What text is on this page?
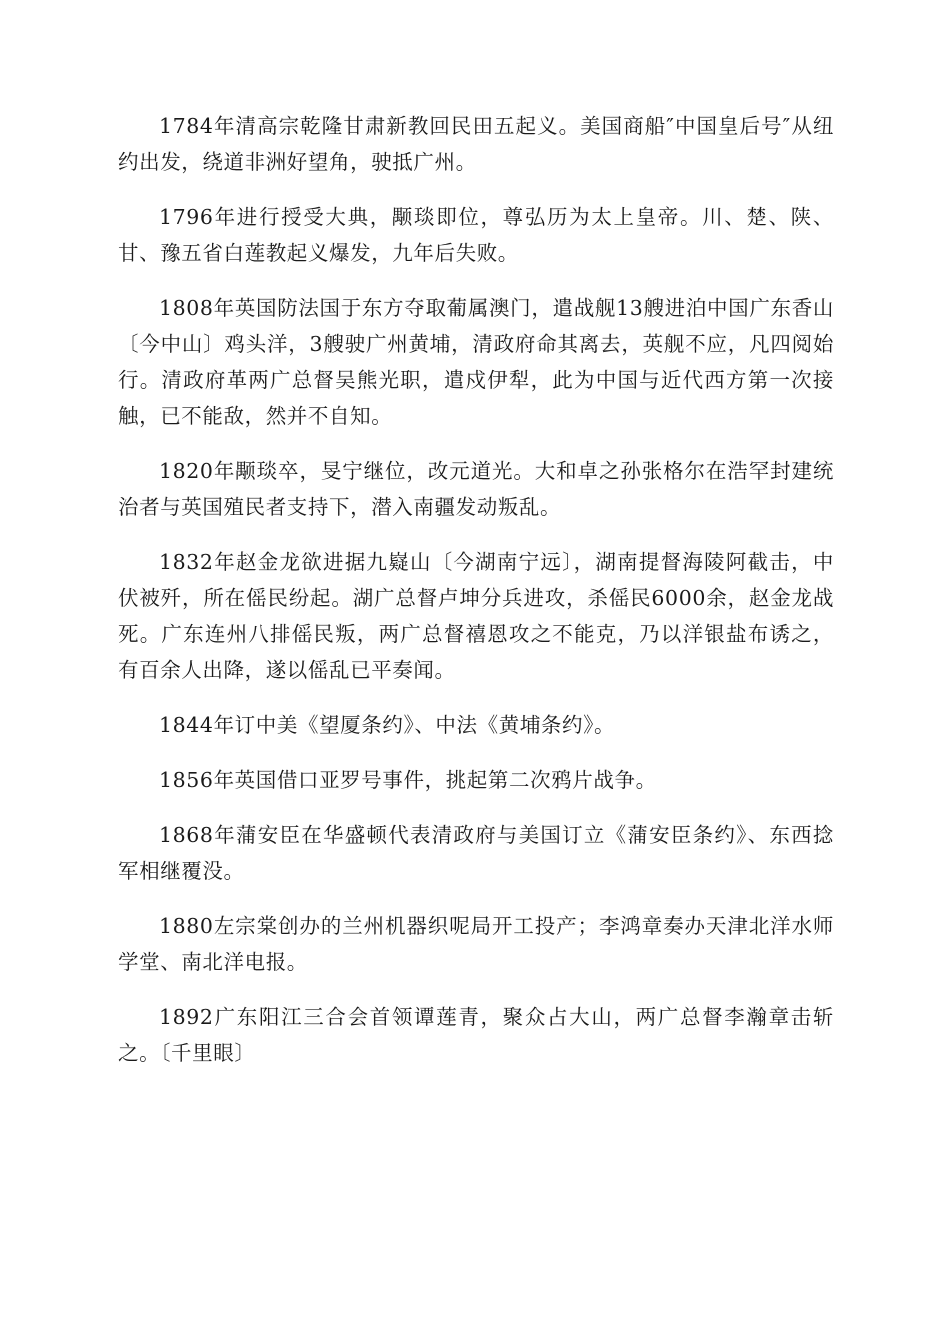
1784年清高宗乾隆甘肃新教回民田五起义。美国商船″中国皇后号″从纽约出发，绕道非洲好望角，驶抵广州。

1796年进行授受大典，颙琰即位，尊弘历为太上皇帝。川、楚、陕、甘、豫五省白莲教起义爆发，九年后失败。

1808年英国防法国于东方夺取葡属澳门，遣战舰13艘进泊中国广东香山〔今中山〕鸡头洋，3艘驶广州黄埔，清政府命其离去，英舰不应，凡四阅始行。清政府革两广总督吴熊光职，遣戍伊犁，此为中国与近代西方第一次接触，已不能敌，然并不自知。

1820年颙琰卒，旻宁继位，改元道光。大和卓之孙张格尔在浩罕封建统治者与英国殖民者支持下，潜入南疆发动叛乱。

1832年赵金龙欲进据九嶷山〔今湖南宁远〕，湖南提督海陵阿截击，中伏被歼，所在傜民纷起。湖广总督卢坤分兵进攻，杀傜民6000余，赵金龙战死。广东连州八排傜民叛，两广总督禧恩攻之不能克，乃以洋银盐布诱之，有百余人出降，遂以傜乱已平奏闻。

1844年订中美《望厦条约》、中法《黄埔条约》。

1856年英国借口亚罗号事件，挑起第二次鸦片战争。

1868年蒲安臣在华盛顿代表清政府与美国订立《蒲安臣条约》、东西捻军相继覆没。

1880左宗棠创办的兰州机器织呢局开工投产；李鸿章奏办天津北洋水师学堂、南北洋电报。

1892广东阳江三合会首领谭莲青，聚众占大山，两广总督李瀚章击斩之。〔千里眼〕
